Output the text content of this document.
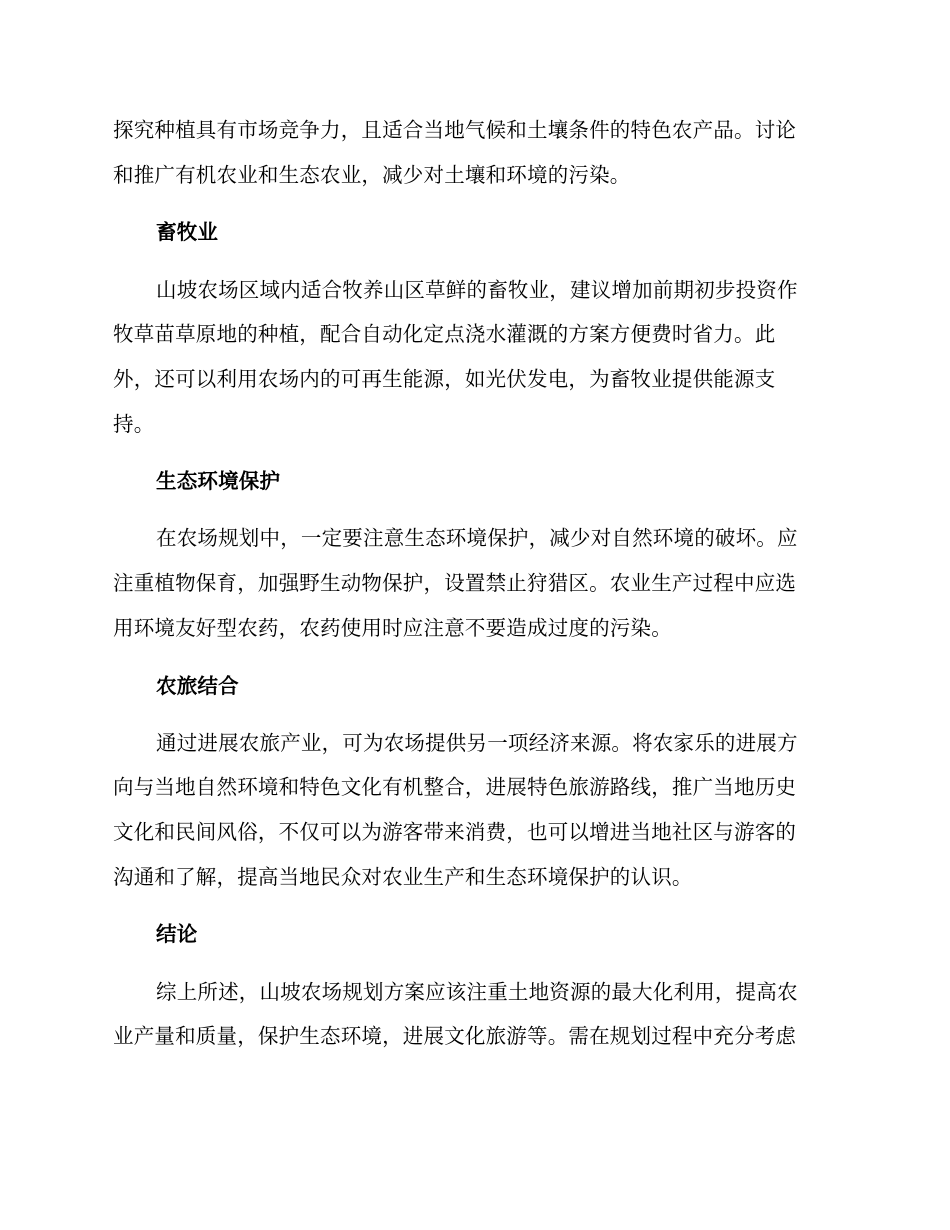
探究种植具有市场竞争力，且适合当地气候和土壤条件的特色农产品。讨论

和推广有机农业和生态农业，减少对土壤和环境的污染。

畜牧业

山坡农场区域内适合牧养山区草鲜的畜牧业，建议增加前期初步投资作

牧草苗草原地的种植，配合自动化定点浇水灌溉的方案方便费时省力。此

外，还可以利用农场内的可再生能源，如光伏发电，为畜牧业提供能源支

持。

生态环境保护

在农场规划中，一定要注意生态环境保护，减少对自然环境的破坏。应

注重植物保育，加强野生动物保护，设置禁止狩猎区。农业生产过程中应选

用环境友好型农药，农药使用时应注意不要造成过度的污染。

农旅结合

通过进展农旅产业，可为农场提供另一项经济来源。将农家乐的进展方

向与当地自然环境和特色文化有机整合，进展特色旅游路线，推广当地历史

文化和民间风俗，不仅可以为游客带来消费，也可以增进当地社区与游客的

沟通和了解，提高当地民众对农业生产和生态环境保护的认识。

结论

综上所述，山坡农场规划方案应该注重土地资源的最大化利用，提高农

业产量和质量，保护生态环境，进展文化旅游等。需在规划过程中充分考虑
